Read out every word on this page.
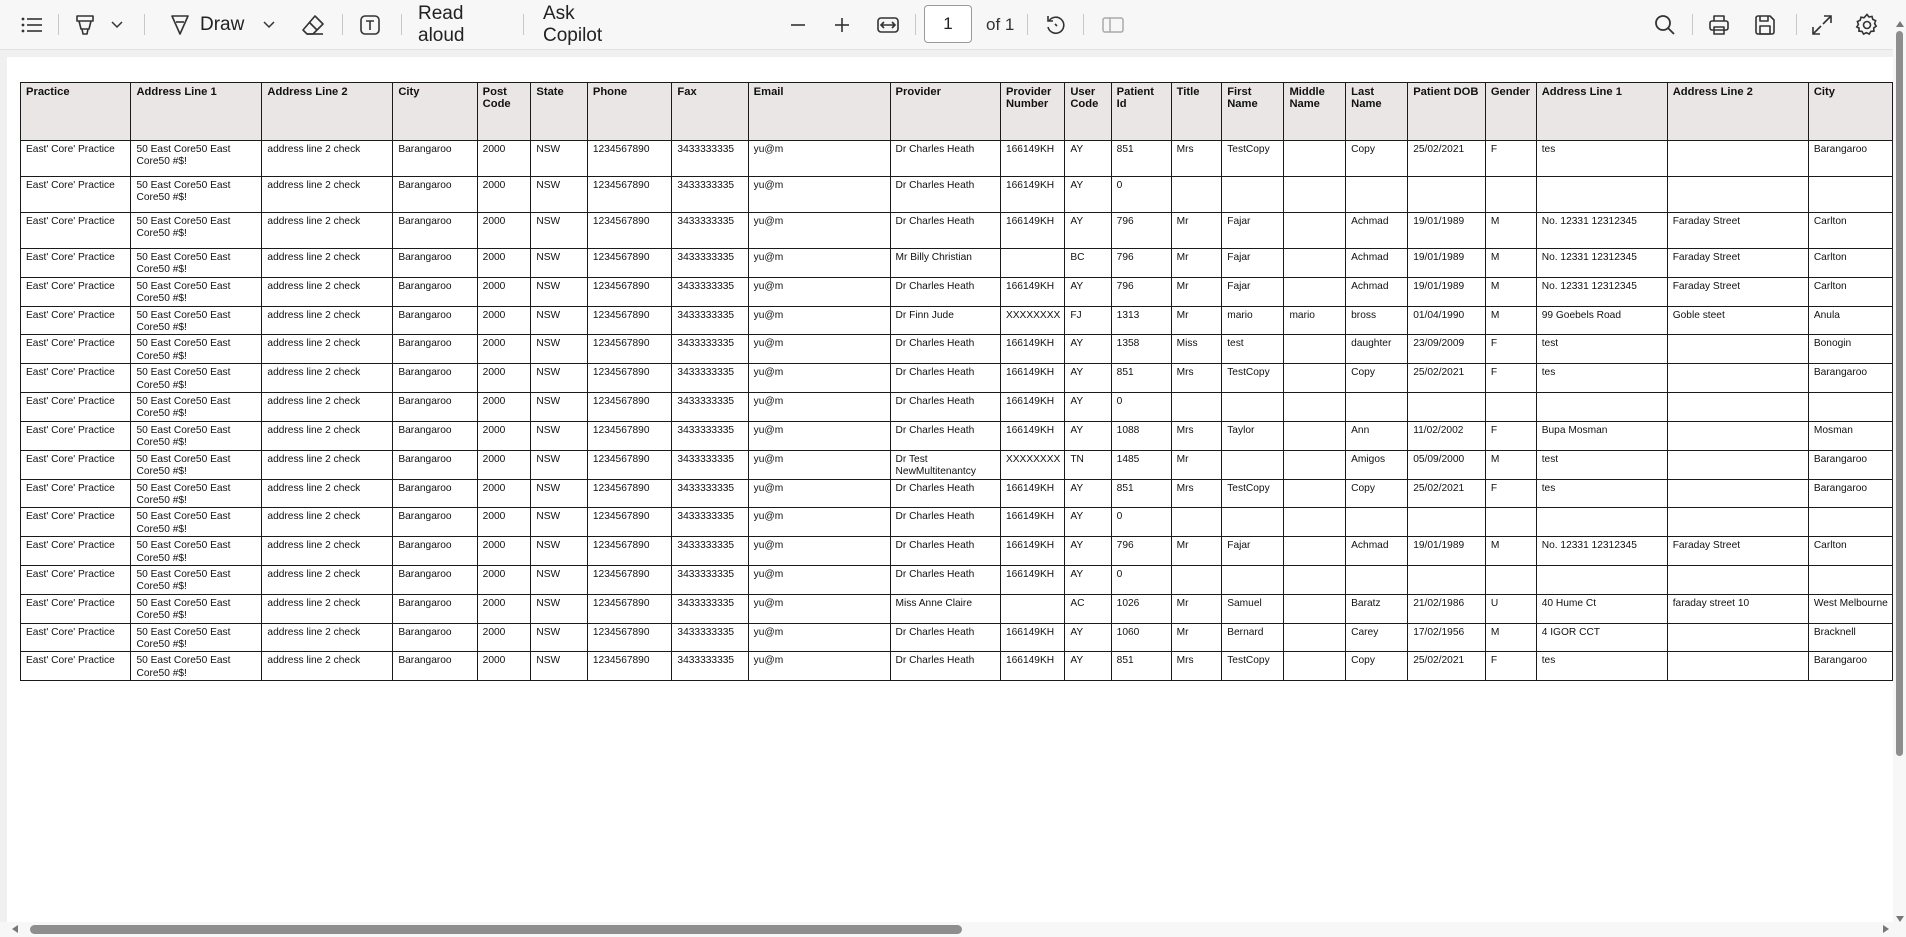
Draw
Read aloud
Ask Copilot
1	of 1
Practice	Address Line 1	Address Line 2	City	Post Code	State	Phone	Fax	Email	Provider	Provider Number	User Code	Patient Id	Title	First Name	Middle Name	Last Name	Patient DOB	Gender	Address Line 1	Address Line 2	City
East' Core' Practice	50 East Core50 East Core50 #$!	address line 2 check	Barangaroo	2000	NSW	1234567890	3433333335	yu@m	Dr Charles Heath	166149KH	AY	851	Mrs	TestCopy		Copy	25/02/2021	F	tes		Barangaroo
East' Core' Practice	50 East Core50 East Core50 #$!	address line 2 check	Barangaroo	2000	NSW	1234567890	3433333335	yu@m	Dr Charles Heath	166149KH	AY	0									
East' Core' Practice	50 East Core50 East Core50 #$!	address line 2 check	Barangaroo	2000	NSW	1234567890	3433333335	yu@m	Dr Charles Heath	166149KH	AY	796	Mr	Fajar		Achmad	19/01/1989	M	No. 12331 12312345	Faraday Street	Carlton
East' Core' Practice	50 East Core50 East Core50 #$!	address line 2 check	Barangaroo	2000	NSW	1234567890	3433333335	yu@m	Mr Billy Christian		BC	796	Mr	Fajar		Achmad	19/01/1989	M	No. 12331 12312345	Faraday Street	Carlton
East' Core' Practice	50 East Core50 East Core50 #$!	address line 2 check	Barangaroo	2000	NSW	1234567890	3433333335	yu@m	Dr Charles Heath	166149KH	AY	796	Mr	Fajar		Achmad	19/01/1989	M	No. 12331 12312345	Faraday Street	Carlton
East' Core' Practice	50 East Core50 East Core50 #$!	address line 2 check	Barangaroo	2000	NSW	1234567890	3433333335	yu@m	Dr Finn Jude	XXXXXXXX	FJ	1313	Mr	mario	mario	bross	01/04/1990	M	99 Goebels Road	Goble steet	Anula
East' Core' Practice	50 East Core50 East Core50 #$!	address line 2 check	Barangaroo	2000	NSW	1234567890	3433333335	yu@m	Dr Charles Heath	166149KH	AY	1358	Miss	test		daughter	23/09/2009	F	test		Bonogin
East' Core' Practice	50 East Core50 East Core50 #$!	address line 2 check	Barangaroo	2000	NSW	1234567890	3433333335	yu@m	Dr Charles Heath	166149KH	AY	851	Mrs	TestCopy		Copy	25/02/2021	F	tes		Barangaroo
East' Core' Practice	50 East Core50 East Core50 #$!	address line 2 check	Barangaroo	2000	NSW	1234567890	3433333335	yu@m	Dr Charles Heath	166149KH	AY	0									
East' Core' Practice	50 East Core50 East Core50 #$!	address line 2 check	Barangaroo	2000	NSW	1234567890	3433333335	yu@m	Dr Charles Heath	166149KH	AY	1088	Mrs	Taylor		Ann	11/02/2002	F	Bupa Mosman		Mosman
East' Core' Practice	50 East Core50 East Core50 #$!	address line 2 check	Barangaroo	2000	NSW	1234567890	3433333335	yu@m	Dr Test NewMultitenantcy	XXXXXXXX	TN	1485	Mr			Amigos	05/09/2000	M	test		Barangaroo
East' Core' Practice	50 East Core50 East Core50 #$!	address line 2 check	Barangaroo	2000	NSW	1234567890	3433333335	yu@m	Dr Charles Heath	166149KH	AY	851	Mrs	TestCopy		Copy	25/02/2021	F	tes		Barangaroo
East' Core' Practice	50 East Core50 East Core50 #$!	address line 2 check	Barangaroo	2000	NSW	1234567890	3433333335	yu@m	Dr Charles Heath	166149KH	AY	0									
East' Core' Practice	50 East Core50 East Core50 #$!	address line 2 check	Barangaroo	2000	NSW	1234567890	3433333335	yu@m	Dr Charles Heath	166149KH	AY	796	Mr	Fajar		Achmad	19/01/1989	M	No. 12331 12312345	Faraday Street	Carlton
East' Core' Practice	50 East Core50 East Core50 #$!	address line 2 check	Barangaroo	2000	NSW	1234567890	3433333335	yu@m	Dr Charles Heath	166149KH	AY	0									
East' Core' Practice	50 East Core50 East Core50 #$!	address line 2 check	Barangaroo	2000	NSW	1234567890	3433333335	yu@m	Miss Anne Claire		AC	1026	Mr	Samuel		Baratz	21/02/1986	U	40 Hume Ct	faraday street 10	West Melbourne
East' Core' Practice	50 East Core50 East Core50 #$!	address line 2 check	Barangaroo	2000	NSW	1234567890	3433333335	yu@m	Dr Charles Heath	166149KH	AY	1060	Mr	Bernard		Carey	17/02/1956	M	4 IGOR CCT		Bracknell
East' Core' Practice	50 East Core50 East Core50 #$!	address line 2 check	Barangaroo	2000	NSW	1234567890	3433333335	yu@m	Dr Charles Heath	166149KH	AY	851	Mrs	TestCopy		Copy	25/02/2021	F	tes		Barangaroo
